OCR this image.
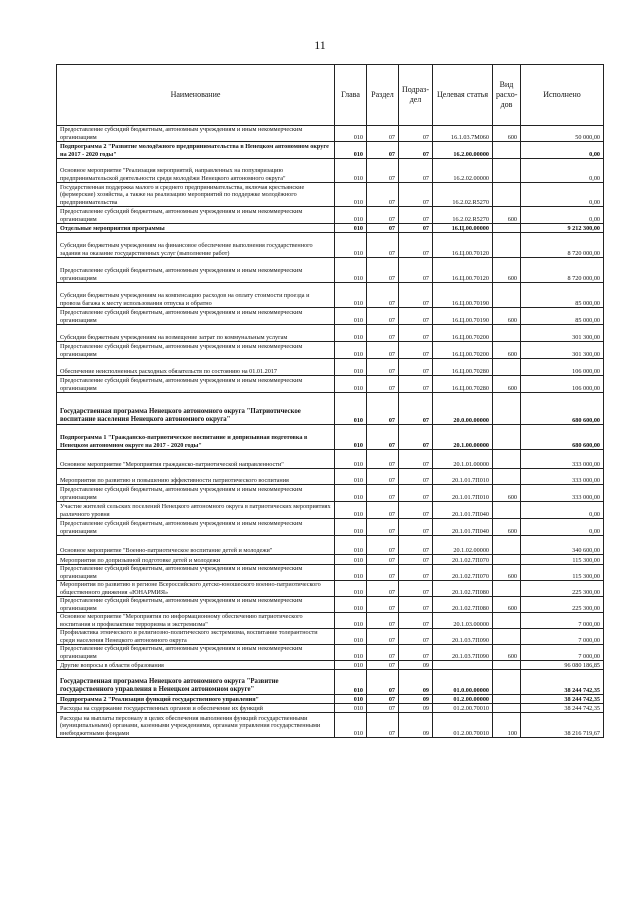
11
Наименование	Глава	Раздел	Подраз-дел	Целевая статья	Вид расхо-дов	Исполнено
Предоставление субсидий бюджетным, автономным учреждениям и иным некоммерческим организациям	010	07	07	16.1.03.7М060	600	50 000,00
Подпрограмма 2 "Развитие молодёжного предпринимательства в Ненецком автономном округе на 2017 - 2020 годы"	010	07	07	16.2.00.00000		0,00
Основное мероприятие "Реализация мероприятий, направленных на популяризацию предпринимательской деятельности среди молодёжи Ненецкого автономного округа"	010	07	07	16.2.02.00000		0,00
Государственная поддержка малого и среднего предпринимательства, включая крестьянские (фермерские) хозяйства, а также на реализацию мероприятий по поддержке молодёжного предпринимательства	010	07	07	16.2.02.R5270		0,00
Предоставление субсидий бюджетным, автономным учреждениям и иным некоммерческим организациям	010	07	07	16.2.02.R5270	600	0,00
Отдельные мероприятия программы	010	07	07	16.Ц.00.00000		9 212 300,00
Субсидии бюджетным учреждениям на финансовое обеспечение выполнения государственного задания на оказание государственных услуг (выполнение работ)	010	07	07	16.Ц.00.70120		8 720 000,00
Предоставление субсидий бюджетным, автономным учреждениям и иным некоммерческим организациям	010	07	07	16.Ц.00.70120	600	8 720 000,00
Субсидии бюджетным учреждениям на компенсацию расходов на оплату стоимости проезда и провоза багажа к месту использования отпуска и обратно	010	07	07	16.Ц.00.70190		85 000,00
Предоставление субсидий бюджетным, автономным учреждениям и иным некоммерческим организациям	010	07	07	16.Ц.00.70190	600	85 000,00
Субсидии бюджетным учреждениям на возмещение затрат по коммунальным услугам	010	07	07	16.Ц.00.70200		301 300,00
Предоставление субсидий бюджетным, автономным учреждениям и иным некоммерческим организациям	010	07	07	16.Ц.00.70200	600	301 300,00
Обеспечение неисполненных расходных обязательств по состоянию на 01.01.2017	010	07	07	16.Ц.00.70280		106 000,00
Предоставление субсидий бюджетным, автономным учреждениям и иным некоммерческим организациям	010	07	07	16.Ц.00.70280	600	106 000,00
Государственная программа Ненецкого автономного округа "Патриотическое воспитание населения Ненецкого автономного округа"	010	07	07	20.0.00.00000		680 600,00
Подпрограмма 1 "Гражданско-патриотическое воспитание и допризывная подготовка в Ненецком автономном округе на 2017 - 2020 годы"	010	07	07	20.1.00.00000		680 600,00
Основное мероприятие "Мероприятия гражданско-патриотической направленности"	010	07	07	20.1.01.00000		333 000,00
Мероприятия по развитию и повышению эффективности патриотического воспитания	010	07	07	20.1.01.7П010		333 000,00
Предоставление субсидий бюджетным, автономным учреждениям и иным некоммерческим организациям	010	07	07	20.1.01.7П010	600	333 000,00
Участие жителей сельских поселений Ненецкого автономного округа в патриотических мероприятиях различного уровня	010	07	07	20.1.01.7П040		0,00
Предоставление субсидий бюджетным, автономным учреждениям и иным некоммерческим организациям	010	07	07	20.1.01.7П040	600	0,00
Основное мероприятие "Военно-патриотическое воспитание детей и молодежи"	010	07	07	20.1.02.00000		340 600,00
Мероприятия по допризывной подготовке детей и молодежи	010	07	07	20.1.02.7П070		115 300,00
Предоставление субсидий бюджетным, автономным учреждениям и иным некоммерческим организациям	010	07	07	20.1.02.7П070	600	115 300,00
Мероприятия по развитию в регионе Всероссийского детско-юношеского военно-патриотического общественного движения «ЮНАРМИЯ»	010	07	07	20.1.02.7П080		225 300,00
Предоставление субсидий бюджетным, автономным учреждениям и иным некоммерческим организациям	010	07	07	20.1.02.7П080	600	225 300,00
Основное мероприятие "Мероприятия по информационному обеспечению патриотического воспитания и профилактике терроризма и экстремизма"	010	07	07	20.1.03.00000		7 000,00
Профилактика этнического и религиозно-политического экстремизма, воспитание толерантности среди населения Ненецкого автономного округа	010	07	07	20.1.03.7П090		7 000,00
Предоставление субсидий бюджетным, автономным учреждениям и иным некоммерческим организациям	010	07	07	20.1.03.7П090	600	7 000,00
Другие вопросы в области образования	010	07	09			96 080 186,85
Государственная программа Ненецкого автономного округа "Развитие государственного управления в Ненецком автономном округе"	010	07	09	01.0.00.00000		38 244 742,35
Подпрограмма 2 "Реализация функций государственного управления"	010	07	09	01.2.00.00000		38 244 742,35
Расходы на содержание государственных органов и обеспечение их функций	010	07	09	01.2.00.70010		38 244 742,35
Расходы на выплаты персоналу в целях обеспечения выполнения функций государственными (муниципальными) органами, казенными учреждениями, органами управления государственными внебюджетными фондами	010	07	09	01.2.00.70010	100	38 216 719,67
